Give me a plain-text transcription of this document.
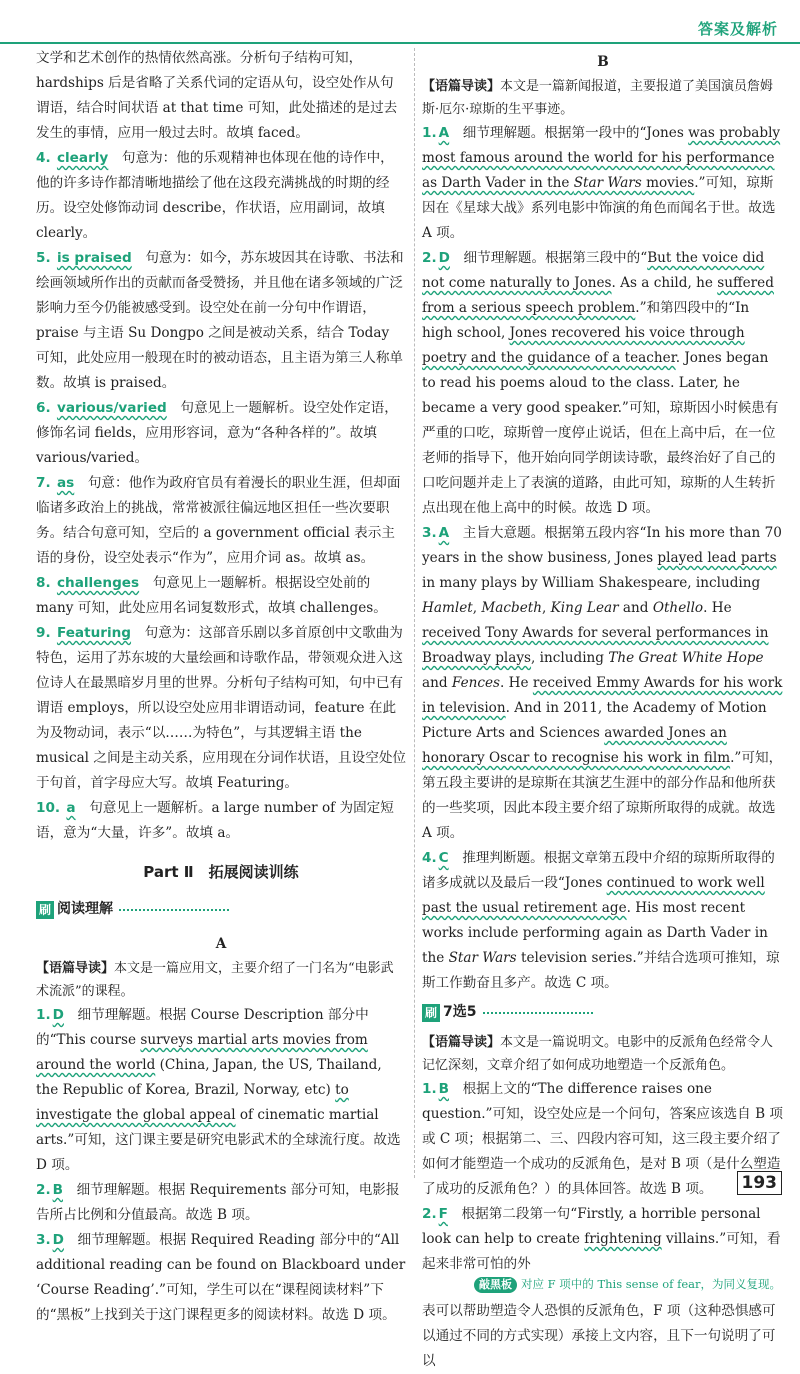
答案及解析

文学和艺术创作的热情依然高涨。分析句子结构可知，hardships 后是省略了关系代词的定语从句，设空处作从句谓语，结合时间状语 at that time 可知，此处描述的是过去发生的事情，应用一般过去时。故填 faced。

4. clearly　 句意为：他的乐观精神也体现在他的诗作中，他的许多诗作都清晰地描绘了他在这段充满挑战的时期的经历。设空处修饰动词 describe，作状语，应用副词，故填 clearly。

5. is praised　 句意为：如今，苏东坡因其在诗歌、书法和绘画领域所作出的贡献而备受赞扬，并且他在诸多领域的广泛影响力至今仍能被感受到。设空处在前一分句中作谓语，praise 与主语 Su Dongpo 之间是被动关系，结合 Today 可知，此处应用一般现在时的被动语态，且主语为第三人称单数。故填 is praised。

6. various/varied　 句意见上一题解析。设空处作定语，修饰名词 fields，应用形容词，意为“各种各样的”。故填 various/varied。

7. as　 句意：他作为政府官员有着漫长的职业生涯，但却面临诸多政治上的挑战，常常被派往偏远地区担任一些次要职务。结合句意可知，空后的 a government official 表示主语的身份，设空处表示“作为”，应用介词 as。故填 as。

8. challenges　 句意见上一题解析。根据设空处前的 many 可知，此处应用名词复数形式，故填 challenges。

9. Featuring　 句意为：这部音乐剧以多首原创中文歌曲为特色，运用了苏东坡的大量绘画和诗歌作品，带领观众进入这位诗人在最黑暗岁月里的世界。分析句子结构可知，句中已有谓语 employs，所以设空处应用非谓语动词，feature 在此为及物动词，表示“以……为特色”，与其逻辑主语 the musical 之间是主动关系，应用现在分词作状语，且设空处位于句首，首字母应大写。故填 Featuring。

10. a　 句意见上一题解析。a large number of 为固定短语，意为“大量，许多”。故填 a。

Part Ⅱ　拓展阅读训练
刷 阅读理解
A

【语篇导读】本文是一篇应用文，主要介绍了一门名为“电影武术流派”的课程。

1. D　 细节理解题。根据 Course Description 部分中的“This course surveys martial arts movies from around the world (China, Japan, the US, Thailand, the Republic of Korea, Brazil, Norway, etc) to investigate the global appeal of cinematic martial arts.”可知，这门课主要是研究电影武术的全球流行度。故选 D 项。

2. B　 细节理解题。根据 Requirements 部分可知，电影报告所占比例和分值最高。故选 B 项。

3. D　 细节理解题。根据 Required Reading 部分中的“All additional reading can be found on Blackboard under ‘Course Reading’.”可知，学生可以在“课程阅读材料”下的“黑板”上找到关于这门课程更多的阅读材料。故选 D 项。

B

【语篇导读】本文是一篇新闻报道，主要报道了美国演员詹姆斯·厄尔·琼斯的生平事迹。

1. A　 细节理解题。根据第一段中的“Jones was probably most famous around the world for his performance as Darth Vader in the Star Wars movies.”可知，琼斯因在《星球大战》系列电影中饰演的角色而闻名于世。故选 A 项。

2. D　 细节理解题。根据第三段中的“But the voice did not come naturally to Jones. As a child, he suffered from a serious speech problem.”和第四段中的“In high school, Jones recovered his voice through poetry and the guidance of a teacher. Jones began to read his poems aloud to the class. Later, he became a very good speaker.”可知，琼斯因小时候患有严重的口吃，琼斯曾一度停止说话，但在上高中后，在一位老师的指导下，他开始向同学朗读诗歌，最终治好了自己的口吃问题并走上了表演的道路，由此可知，琼斯的人生转折点出现在他上高中的时候。故选 D 项。

3. A　 主旨大意题。根据第五段内容“In his more than 70 years in the show business, Jones played lead parts in many plays by William Shakespeare, including Hamlet, Macbeth, King Lear and Othello. He received Tony Awards for several performances in Broadway plays, including The Great White Hope and Fences. He received Emmy Awards for his work in television. And in 2011, the Academy of Motion Picture Arts and Sciences awarded Jones an honorary Oscar to recognise his work in film.”可知，第五段主要讲的是琼斯在其演艺生涯中的部分作品和他所获的一些奖项，因此本段主要介绍了琼斯所取得的成就。故选 A 项。

4. C　 推理判断题。根据文章第五段中介绍的琼斯所取得的诸多成就以及最后一段“Jones continued to work well past the usual retirement age. His most recent works include performing again as Darth Vader in the Star Wars television series.”并结合选项可推知，琼斯工作勤奋且多产。故选 C 项。

刷 7选5

【语篇导读】本文是一篇说明文。电影中的反派角色经常令人记忆深刻，文章介绍了如何成功地塑造一个反派角色。

1. B　 根据上文的“The difference raises one question.”可知，设空处应是一个问句，答案应该选自 B 项或 C 项；根据第二、三、四段内容可知，这三段主要介绍了如何才能塑造一个成功的反派角色，是对 B 项（是什么塑造了成功的反派角色？）的具体回答。故选 B 项。

2. F　 根据第二段第一句“Firstly, a horrible personal look can help to create frightening villains.”可知，看起来非常可怕的外

敲黑板 对应 F 项中的 This sense of fear，为同义复现。

表可以帮助塑造令人恐惧的反派角色，F 项（这种恐惧感可以通过不同的方式实现）承接上文内容，且下一句说明了可以

193
